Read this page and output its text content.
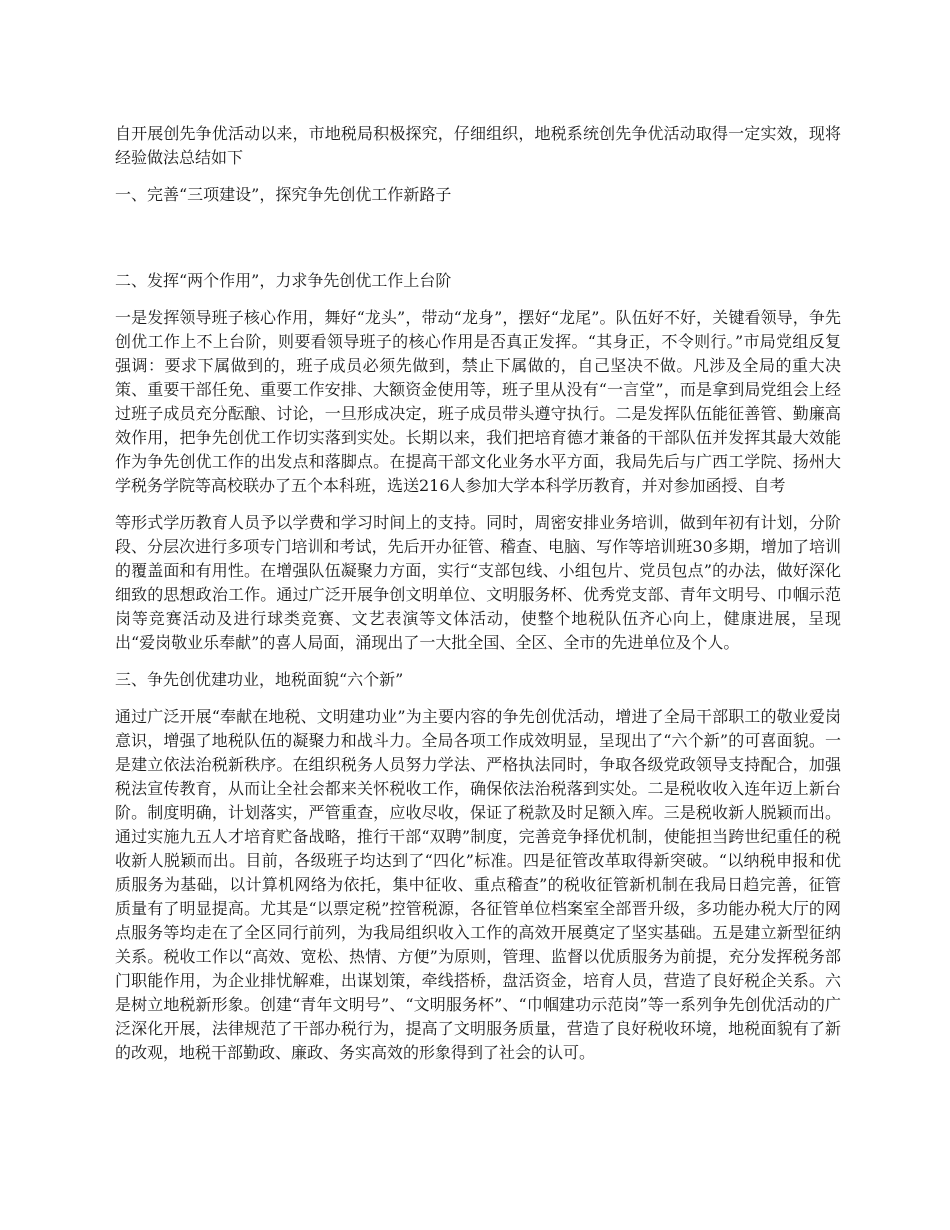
自开展创先争优活动以来，市地税局积极探究，仔细组织，地税系统创先争优活动取得一定实效，现将经验做法总结如下

一、完善“三项建设”，探究争先创优工作新路子

二、发挥“两个作用”，力求争先创优工作上台阶

一是发挥领导班子核心作用，舞好“龙头”，带动“龙身”，摆好“龙尾”。队伍好不好，关键看领导，争先创优工作上不上台阶，则要看领导班子的核心作用是否真正发挥。“其身正，不令则行。”市局党组反复强调：要求下属做到的，班子成员必须先做到，禁止下属做的，自己坚决不做。凡涉及全局的重大决策、重要干部任免、重要工作安排、大额资金使用等，班子里从没有“一言堂”，而是拿到局党组会上经过班子成员充分酝酿、讨论，一旦形成决定，班子成员带头遵守执行。二是发挥队伍能征善管、勤廉高效作用，把争先创优工作切实落到实处。长期以来，我们把培育德才兼备的干部队伍并发挥其最大效能作为争先创优工作的出发点和落脚点。在提高干部文化业务水平方面，我局先后与广西工学院、扬州大学税务学院等高校联办了五个本科班，选送216人参加大学本科学历教育，并对参加函授、自考

等形式学历教育人员予以学费和学习时间上的支持。同时，周密安排业务培训，做到年初有计划，分阶段、分层次进行多项专门培训和考试，先后开办征管、稽查、电脑、写作等培训班30多期，增加了培训的覆盖面和有用性。在增强队伍凝聚力方面，实行“支部包线、小组包片、党员包点”的办法，做好深化细致的思想政治工作。通过广泛开展争创文明单位、文明服务杯、优秀党支部、青年文明号、巾帼示范岗等竞赛活动及进行球类竞赛、文艺表演等文体活动，使整个地税队伍齐心向上，健康进展，呈现出“爱岗敬业乐奉献”的喜人局面，涌现出了一大批全国、全区、全市的先进单位及个人。

三、争先创优建功业，地税面貌“六个新”

通过广泛开展“奉献在地税、文明建功业”为主要内容的争先创优活动，增进了全局干部职工的敬业爱岗意识，增强了地税队伍的凝聚力和战斗力。全局各项工作成效明显，呈现出了“六个新”的可喜面貌。一是建立依法治税新秩序。在组织税务人员努力学法、严格执法同时，争取各级党政领导支持配合，加强税法宣传教育，从而让全社会都来关怀税收工作，确保依法治税落到实处。二是税收收入连年迈上新台阶。制度明确，计划落实，严管重查，应收尽收，保证了税款及时足额入库。三是税收新人脱颖而出。通过实施九五人才培育贮备战略，推行干部“双聘”制度，完善竞争择优机制，使能担当跨世纪重任的税收新人脱颖而出。目前，各级班子均达到了“四化”标准。四是征管改革取得新突破。“以纳税申报和优质服务为基础，以计算机网络为依托，集中征收、重点稽查”的税收征管新机制在我局日趋完善，征管质量有了明显提高。尤其是“以票定税”控管税源，各征管单位档案室全部晋升级，多功能办税大厅的网点服务等均走在了全区同行前列，为我局组织收入工作的高效开展奠定了坚实基础。五是建立新型征纳关系。税收工作以“高效、宽松、热情、方便”为原则，管理、监督以优质服务为前提，充分发挥税务部门职能作用，为企业排忧解难，出谋划策，牵线搭桥，盘活资金，培育人员，营造了良好税企关系。六是树立地税新形象。创建“青年文明号”、“文明服务杯”、“巾帼建功示范岗”等一系列争先创优活动的广泛深化开展，法律规范了干部办税行为，提高了文明服务质量，营造了良好税收环境，地税面貌有了新的改观，地税干部勤政、廉政、务实高效的形象得到了社会的认可。
